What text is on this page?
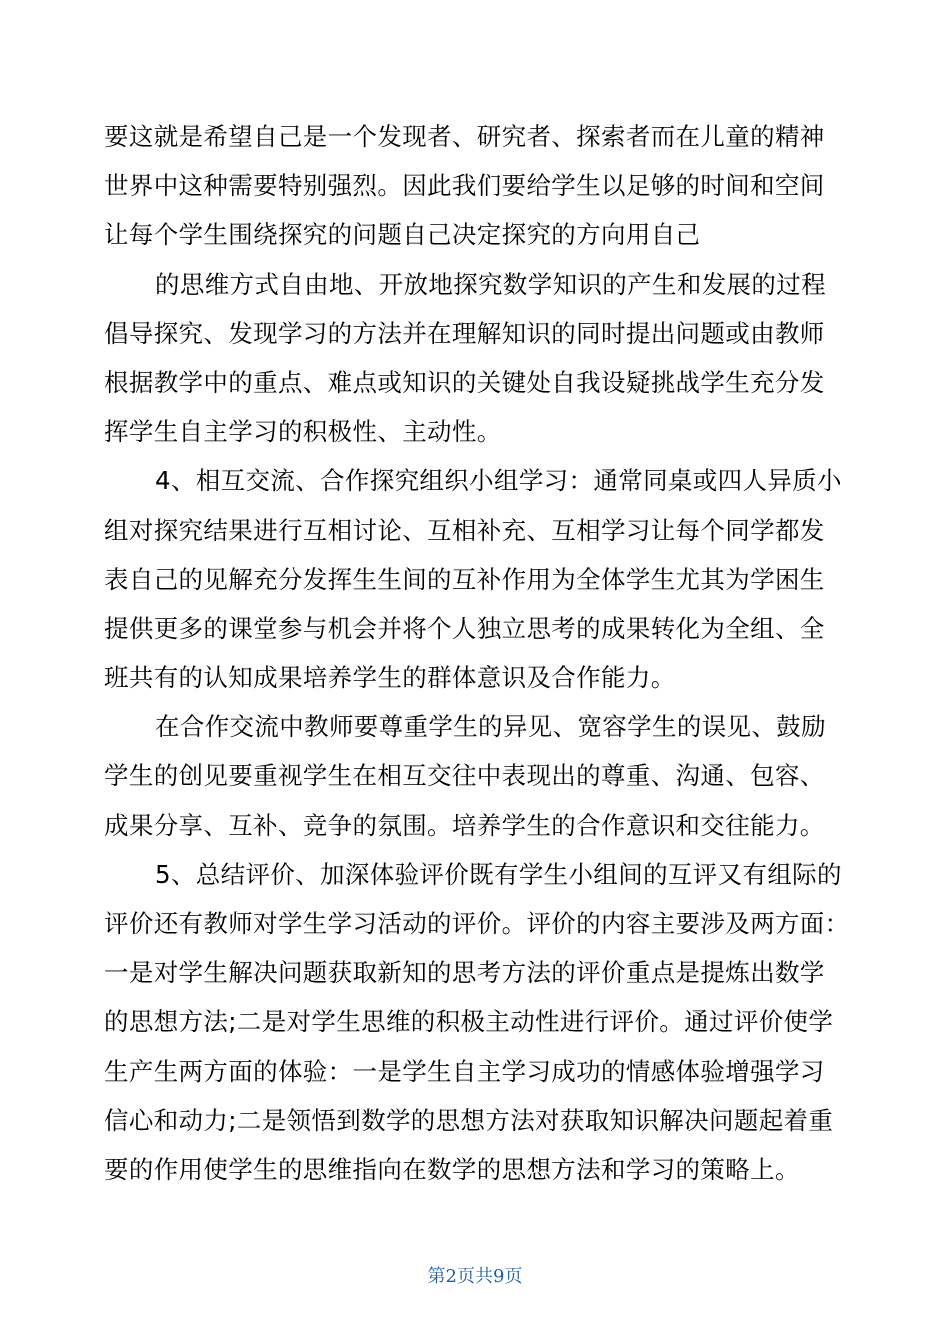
要这就是希望自己是一个发现者、研究者、探索者而在儿童的精神
世界中这种需要特别强烈。因此我们要给学生以足够的时间和空间
让每个学生围绕探究的问题自己决定探究的方向用自己
的思维方式自由地、开放地探究数学知识的产生和发展的过程
倡导探究、发现学习的方法并在理解知识的同时提出问题或由教师
根据教学中的重点、难点或知识的关键处自我设疑挑战学生充分发
挥学生自主学习的积极性、主动性。
4、相互交流、合作探究组织小组学习：通常同桌或四人异质小
组对探究结果进行互相讨论、互相补充、互相学习让每个同学都发
表自己的见解充分发挥生生间的互补作用为全体学生尤其为学困生
提供更多的课堂参与机会并将个人独立思考的成果转化为全组、全
班共有的认知成果培养学生的群体意识及合作能力。
在合作交流中教师要尊重学生的异见、宽容学生的误见、鼓励
学生的创见要重视学生在相互交往中表现出的尊重、沟通、包容、
成果分享、互补、竞争的氛围。培养学生的合作意识和交往能力。
5、总结评价、加深体验评价既有学生小组间的互评又有组际的
评价还有教师对学生学习活动的评价。评价的内容主要涉及两方面：
一是对学生解决问题获取新知的思考方法的评价重点是提炼出数学
的思想方法;二是对学生思维的积极主动性进行评价。通过评价使学
生产生两方面的体验：一是学生自主学习成功的情感体验增强学习
信心和动力;二是领悟到数学的思想方法对获取知识解决问题起着重
要的作用使学生的思维指向在数学的思想方法和学习的策略上。
第2页共9页
